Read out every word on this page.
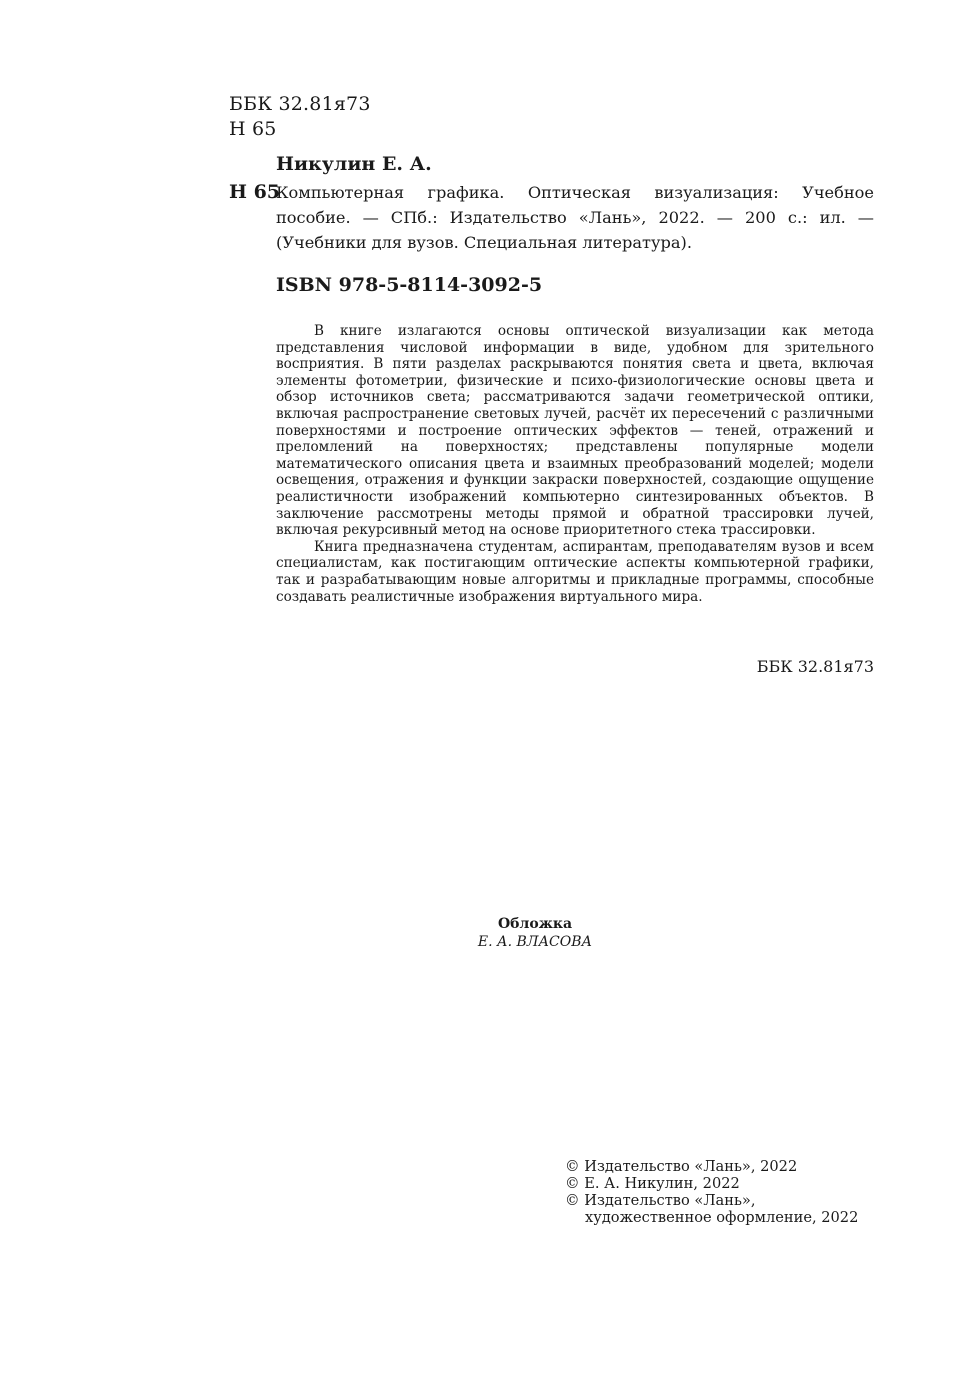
ББК 32.81я73
Н 65
Никулин Е. А.
Н 65
Компьютерная графика. Оптическая визуализация: Учебное пособие. — СПб.: Издательство «Лань», 2022. — 200 с.: ил. — (Учебники для вузов. Специальная литература).
ISBN 978-5-8114-3092-5

В книге излагаются основы оптической визуализации как метода представления числовой информации в виде, удобном для зрительного восприятия. В пяти разделах раскрываются понятия света и цвета, включая элементы фотометрии, физические и психо-физиологические основы цвета и обзор источников света; рассматриваются задачи геометрической оптики, включая распространение световых лучей, расчёт их пересечений с различными поверхностями и построение оптических эффектов — теней, отражений и преломлений на поверхностях; представлены популярные модели математического описания цвета и взаимных преобразований моделей; модели освещения, отражения и функции закраски поверхностей, создающие ощущение реалистичности изображений компьютерно синтезированных объектов. В заключение рассмотрены методы прямой и обратной трассировки лучей, включая рекурсивный метод на основе приоритетного стека трассировки.

Книга предназначена студентам, аспирантам, преподавателям вузов и всем специалистам, как постигающим оптические аспекты компьютерной графики, так и разрабатывающим новые алгоритмы и прикладные программы, способные создавать реалистичные изображения виртуального мира.

ББК 32.81я73
Обложка
Е. А. ВЛАСОВА
© Издательство «Лань», 2022
© Е. А. Никулин, 2022
© Издательство «Лань»,
художественное оформление, 2022
